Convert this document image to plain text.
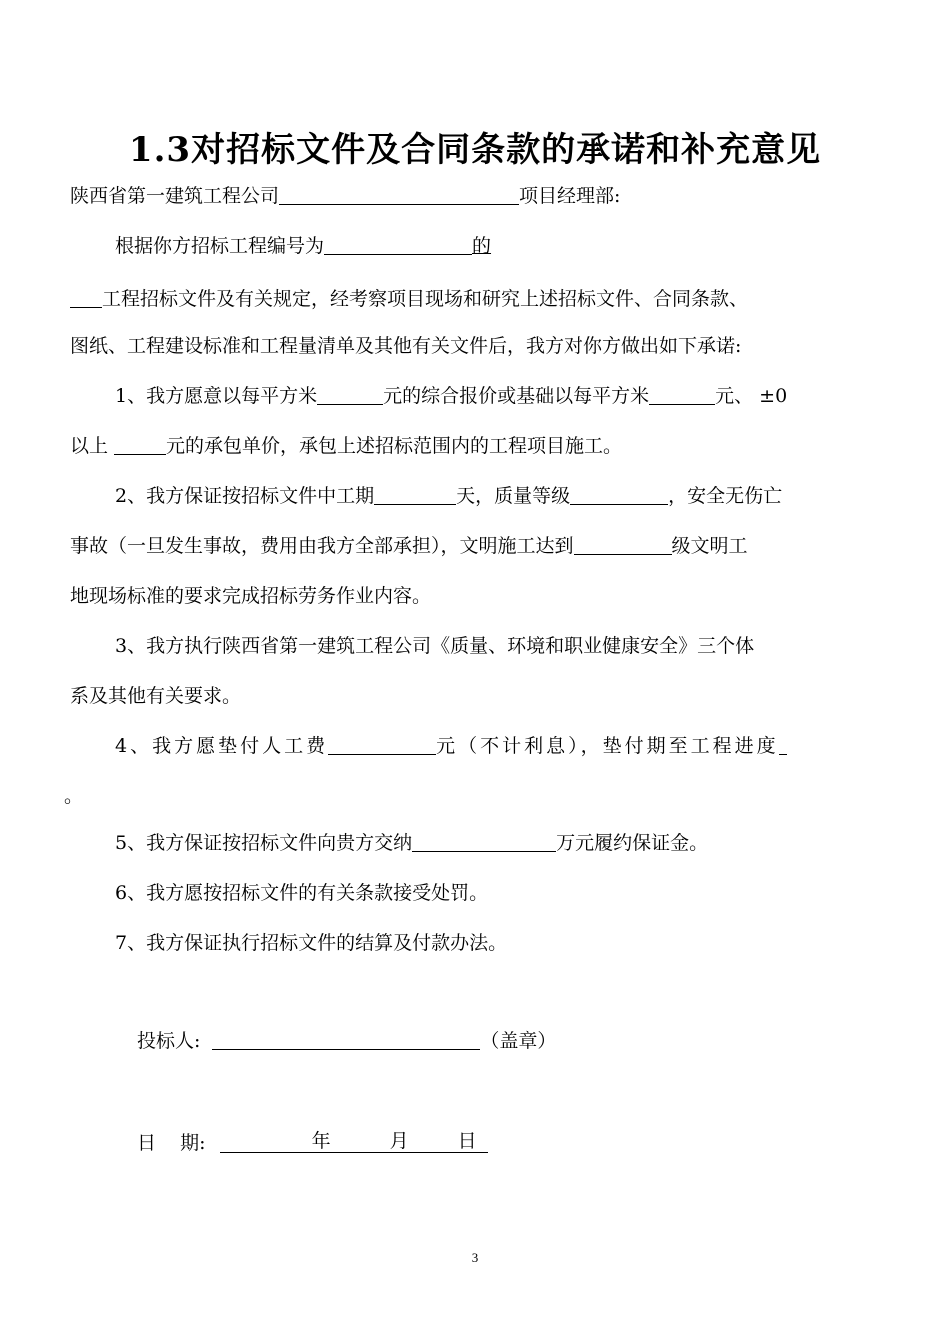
1.3对招标文件及合同条款的承诺和补充意见
陕西省第一建筑工程公司	项目经理部:
根据你方招标工程编号为	的
工程招标文件及有关规定，经考察项目现场和研究上述招标文件、合同条款、
图纸、工程建设标准和工程量清单及其他有关文件后，我方对你方做出如下承诺:
1、我方愿意以每平方米	元的综合报价或基础以每平方米	元、 ±0
以上	元的承包单价，承包上述招标范围内的工程项目施工。
2、我方保证按招标文件中工期	天，质量等级	，安全无伤亡
事故（一旦发生事故，费用由我方全部承担），文明施工达到	级文明工
地现场标准的要求完成招标劳务作业内容。
3、我方执行陕西省第一建筑工程公司《质量、环境和职业健康安全》三个体
系及其他有关要求。
4、我方愿垫付人工费	元（不计利息），垫付期至工程进度
。
5、我方保证按招标文件向贵方交纳	万元履约保证金。
6、我方愿按招标文件的有关条款接受处罚。
7、我方保证执行招标文件的结算及付款办法。
投标人:	（盖章）
日    期:	年	月	日
3
